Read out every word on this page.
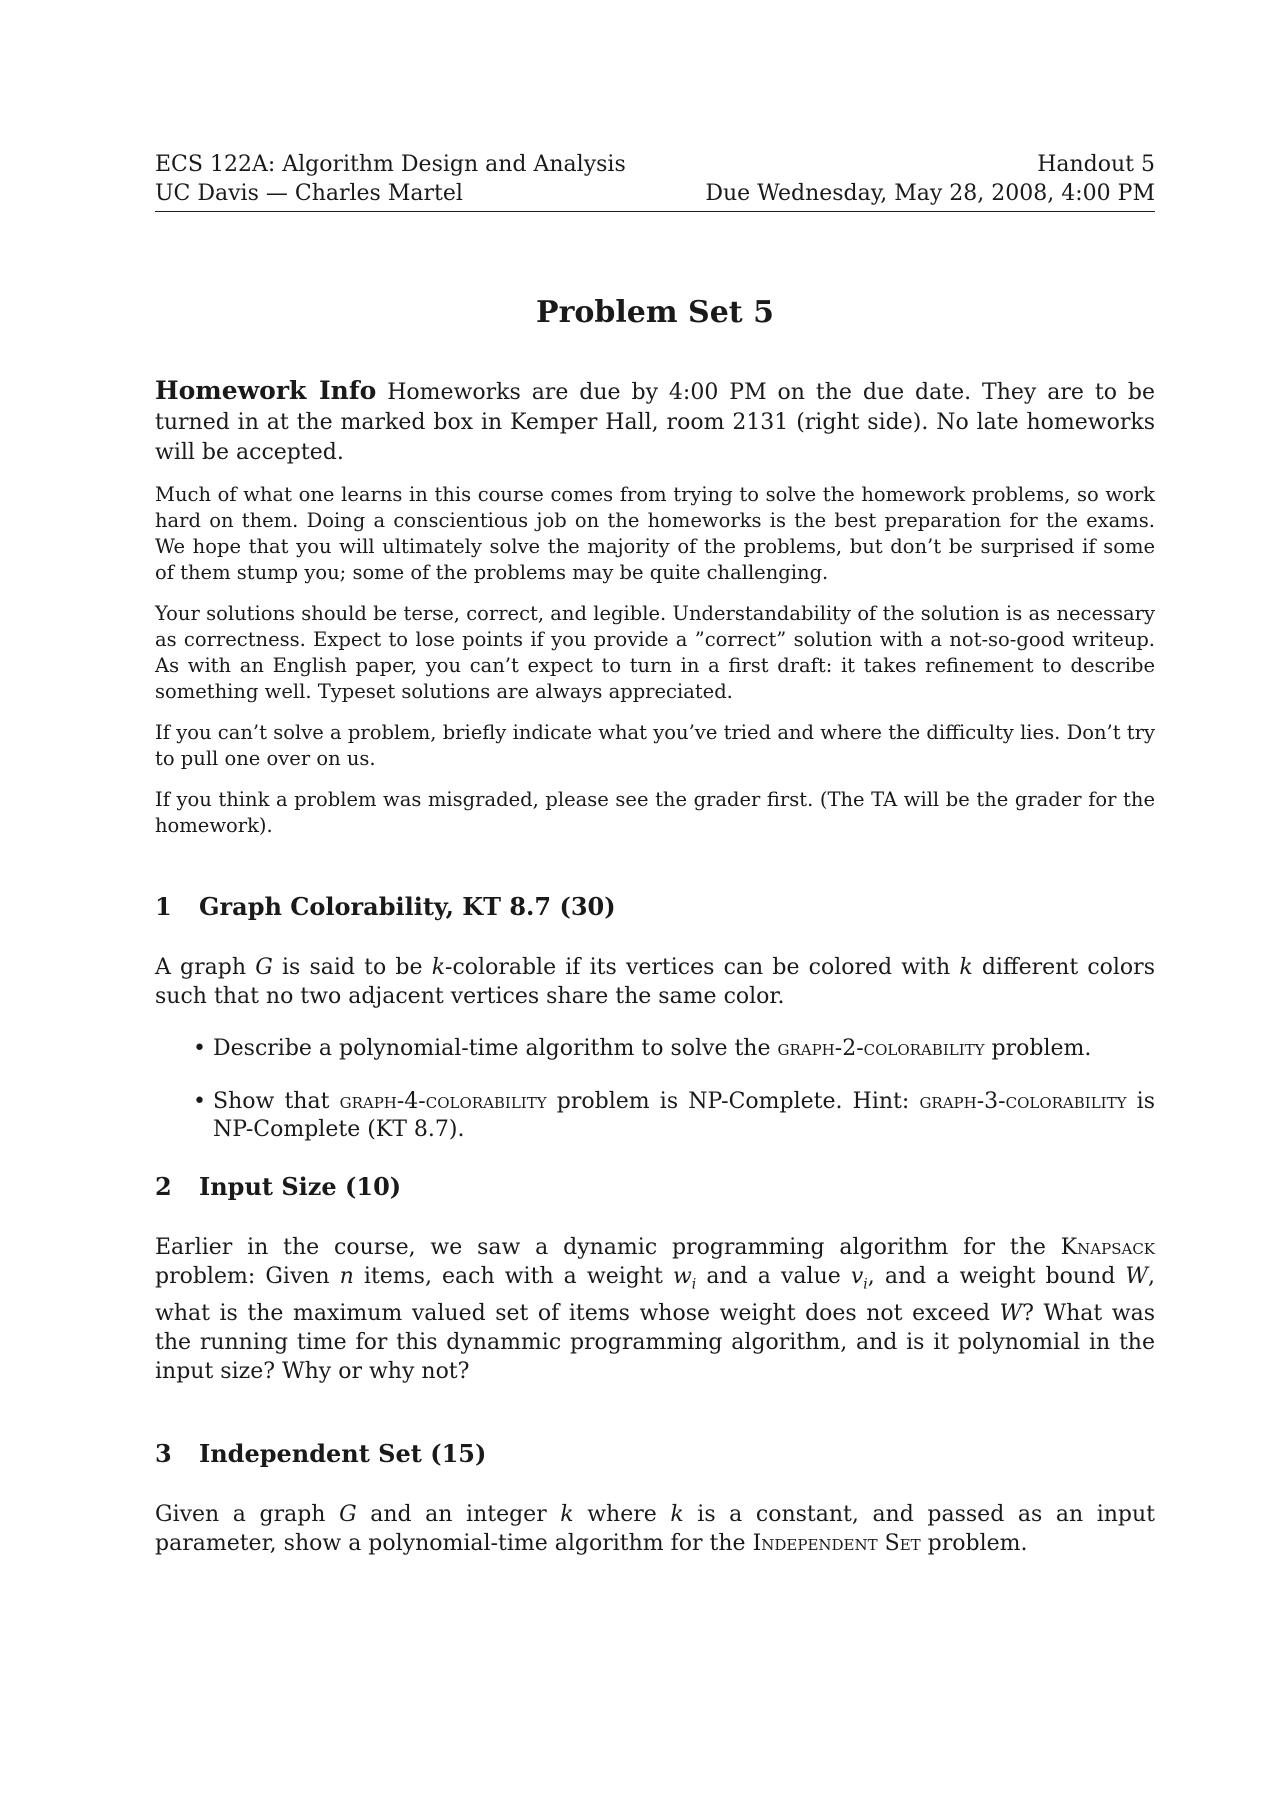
ECS 122A: Algorithm Design and Analysis
UC Davis — Charles Martel
Handout 5
Due Wednesday, May 28, 2008, 4:00 PM
Problem Set 5

Homework Info Homeworks are due by 4:00 PM on the due date. They are to be turned in at the marked box in Kemper Hall, room 2131 (right side). No late homeworks will be accepted.

Much of what one learns in this course comes from trying to solve the homework problems, so work hard on them. Doing a conscientious job on the homeworks is the best preparation for the exams. We hope that you will ultimately solve the majority of the problems, but don’t be surprised if some of them stump you; some of the problems may be quite challenging.

Your solutions should be terse, correct, and legible. Understandability of the solution is as necessary as correctness. Expect to lose points if you provide a ”correct” solution with a not-so-good writeup. As with an English paper, you can’t expect to turn in a first draft: it takes refinement to describe something well. Typeset solutions are always appreciated.

If you can’t solve a problem, briefly indicate what you’ve tried and where the difficulty lies. Don’t try to pull one over on us.

If you think a problem was misgraded, please see the grader first. (The TA will be the grader for the homework).

1 Graph Colorability, KT 8.7 (30)

A graph G is said to be k-colorable if its vertices can be colored with k different colors such that no two adjacent vertices share the same color.

• Describe a polynomial-time algorithm to solve the graph-2-colorability problem.
• Show that graph-4-colorability problem is NP-Complete. Hint: graph-3-colorability is NP-Complete (KT 8.7).
2 Input Size (10)

Earlier in the course, we saw a dynamic programming algorithm for the Knapsack problem: Given n items, each with a weight $w_i$ and a value $v_i$, and a weight bound W, what is the maximum valued set of items whose weight does not exceed W? What was the running time for this dynammic programming algorithm, and is it polynomial in the input size? Why or why not?

3 Independent Set (15)

Given a graph G and an integer k where k is a constant, and passed as an input parameter, show a polynomial-time algorithm for the Independent Set problem.
